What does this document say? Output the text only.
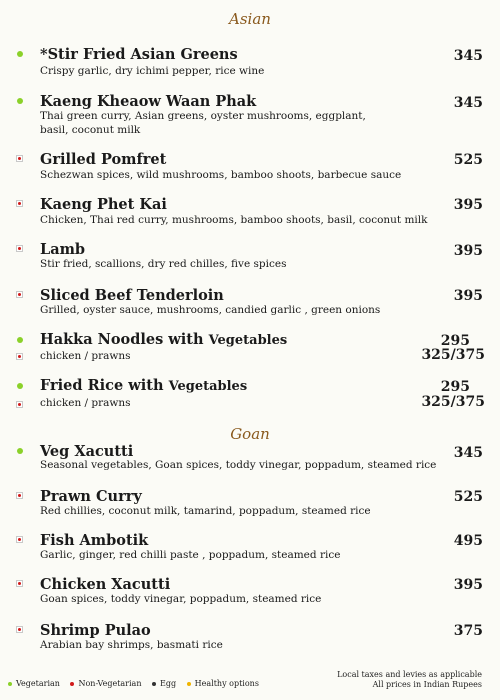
Asian
*Stir Fried Asian Greens	345
Crispy garlic, dry ichimi pepper, rice wine
Kaeng Kheaow Waan Phak	345
Thai green curry, Asian greens, oyster mushrooms, eggplant, basil, coconut milk
Grilled Pomfret	525
Schezwan spices, wild mushrooms, bamboo shoots, barbecue sauce
Kaeng Phet Kai	395
Chicken, Thai red curry, mushrooms, bamboo shoots, basil, coconut milk
Lamb	395
Stir fried, scallions, dry red chilles, five spices
Sliced Beef Tenderloin	395
Grilled, oyster sauce, mushrooms, candied garlic , green onions
Hakka Noodles with Vegetables	295
chicken / prawns	325/375
Fried Rice with Vegetables	295
chicken / prawns	325/375
Goan
Veg Xacutti	345
Seasonal vegetables, Goan spices, toddy vinegar, poppadum, steamed rice
Prawn Curry	525
Red chillies, coconut milk, tamarind, poppadum, steamed rice
Fish Ambotik	495
Garlic, ginger, red chilli paste , poppadum, steamed rice
Chicken Xacutti	395
Goan spices, toddy vinegar, poppadum, steamed rice
Shrimp Pulao	375
Arabian bay shrimps, basmati rice
Vegetarian Non-Vegetarian Egg Healthy options
Local taxes and levies as applicable
All prices in Indian Rupees
